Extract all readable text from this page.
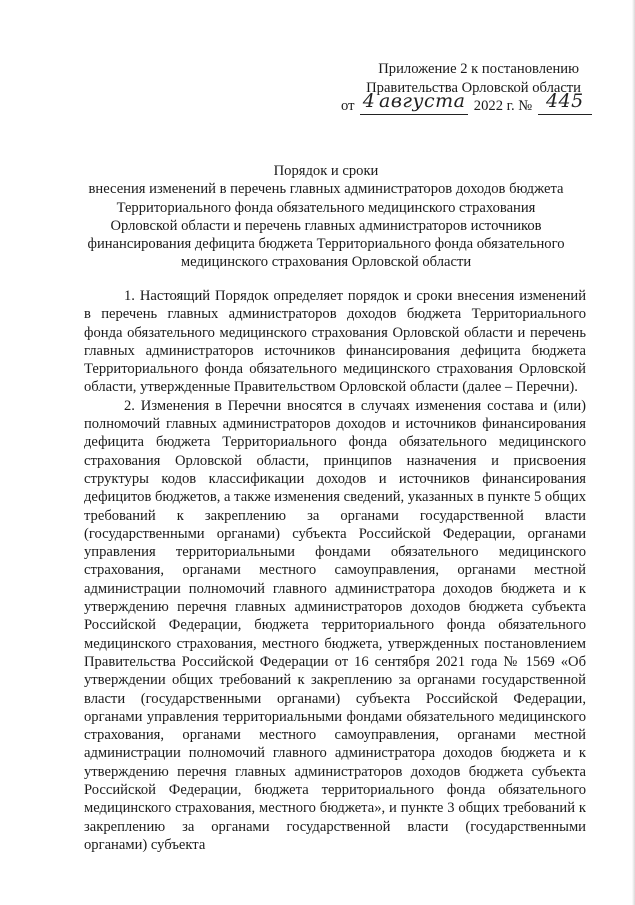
Приложение 2 к постановлению
Правительства Орловской области
от 4 августа 2022 г. № 445
Порядок и сроки
внесения изменений в перечень главных администраторов доходов бюджета
Территориального фонда обязательного медицинского страхования
Орловской области и перечень главных администраторов источников
финансирования дефицита бюджета Территориального фонда обязательного
медицинского страхования Орловской области

1. Настоящий Порядок определяет порядок и сроки внесения изменений в перечень главных администраторов доходов бюджета Территориального фонда обязательного медицинского страхования Орловской области и перечень главных администраторов источников финансирования дефицита бюджета Территориального фонда обязательного медицинского страхования Орловской области, утвержденные Правительством Орловской области (далее – Перечни).

2. Изменения в Перечни вносятся в случаях изменения состава и (или) полномочий главных администраторов доходов и источников финансирования дефицита бюджета Территориального фонда обязательного медицинского страхования Орловской области, принципов назначения и присвоения структуры кодов классификации доходов и источников финансирования дефицитов бюджетов, а также изменения сведений, указанных в пункте 5 общих требований к закреплению за органами государственной власти (государственными органами) субъекта Российской Федерации, органами управления территориальными фондами обязательного медицинского страхования, органами местного самоуправления, органами местной администрации полномочий главного администратора доходов бюджета и к утверждению перечня главных администраторов доходов бюджета субъекта Российской Федерации, бюджета территориального фонда обязательного медицинского страхования, местного бюджета, утвержденных постановлением Правительства Российской Федерации от 16 сентября 2021 года № 1569 «Об утверждении общих требований к закреплению за органами государственной власти (государственными органами) субъекта Российской Федерации, органами управления территориальными фондами обязательного медицинского страхования, органами местного самоуправления, органами местной администрации полномочий главного администратора доходов бюджета и к утверждению перечня главных администраторов доходов бюджета субъекта Российской Федерации, бюджета территориального фонда обязательного медицинского страхования, местного бюджета», и пункте 3 общих требований к закреплению за органами государственной власти (государственными органами) субъекта
